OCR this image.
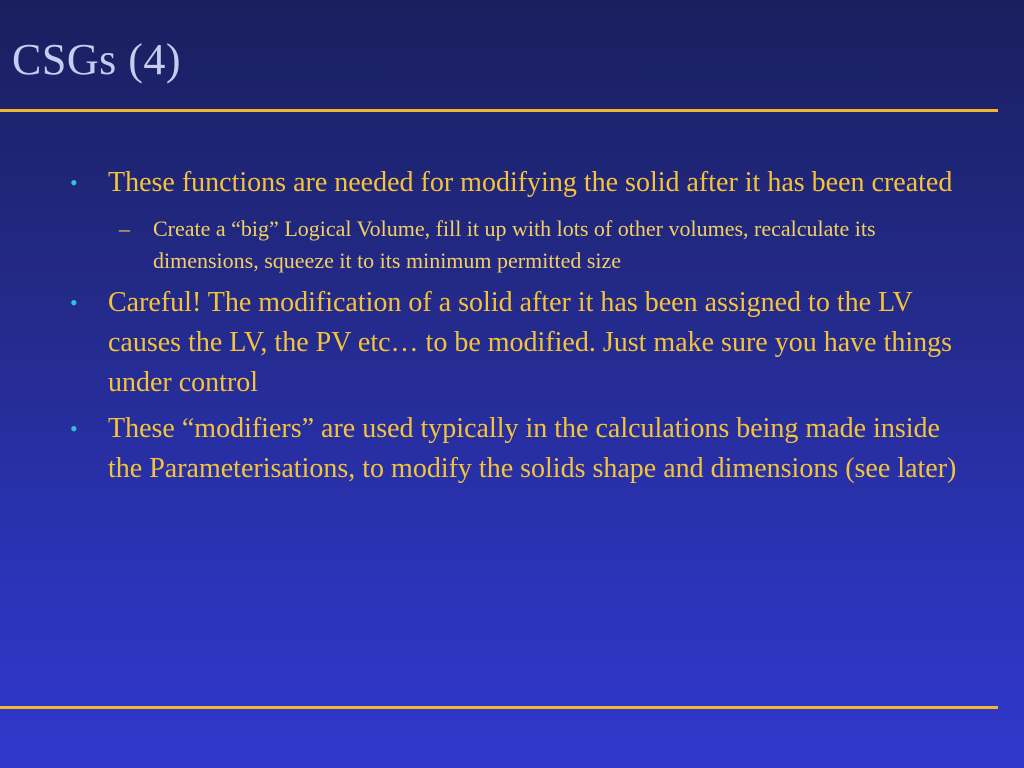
CSGs (4)
• These functions are needed for modifying the solid after it has been created
– Create a “big” Logical Volume, fill it up with lots of other volumes, recalculate its dimensions, squeeze it to its minimum permitted size
• Careful! The modification of a solid after it has been assigned to the LV causes the LV, the PV etc… to be modified. Just make sure you have things under control
• These “modifiers” are used typically in the calculations being made inside the Parameterisations, to modify the solids shape and dimensions (see later)
